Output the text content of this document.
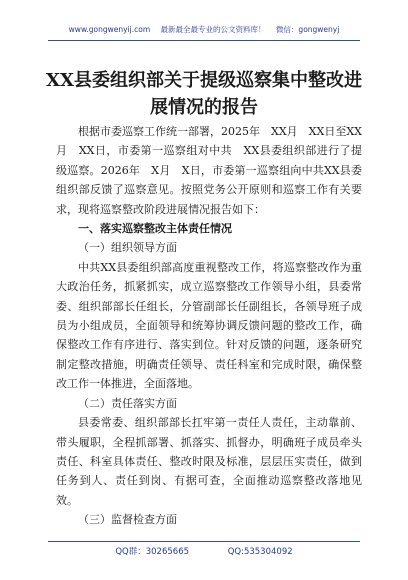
www.gongwenyij.com 最新最全最专业的公文资料库！ 微信：gongwenyj
XX县委组织部关于提级巡察集中整改进展情况的报告

根据市委巡察工作统一部署，2025年　XX月　XX日至XX月　XX日，市委第一巡察组对中共　XX县委组织部进行了提级巡察。2026年　X月　X日，市委第一巡察组向中共XX县委组织部反馈了巡察意见。按照党务公开原则和巡察工作有关要求，现将巡察整改阶段进展情况报告如下：

一、落实巡察整改主体责任情况

（一）组织领导方面

中共XX县委组织部高度重视整改工作，将巡察整改作为重大政治任务，抓紧抓实，成立巡察整改工作领导小组，县委常委、组织部部长任组长，分管副部长任副组长，各领导班子成员为小组成员，全面领导和统筹协调反馈问题的整改工作，确保整改工作有序进行、落实到位。针对反馈的问题，逐条研究制定整改措施，明确责任领导、责任科室和完成时限，确保整改工作一体推进，全面落地。

（二）责任落实方面

县委常委、组织部部长扛牢第一责任人责任，主动靠前、带头履职，全程抓部署、抓落实、抓督办，明确班子成员牵头责任、科室具体责任、整改时限及标准，层层压实责任，做到任务到人、责任到岗、有据可查，全面推动巡察整改落地见效。

（三）监督检查方面

QQ群：30265665	QQ:535304092
